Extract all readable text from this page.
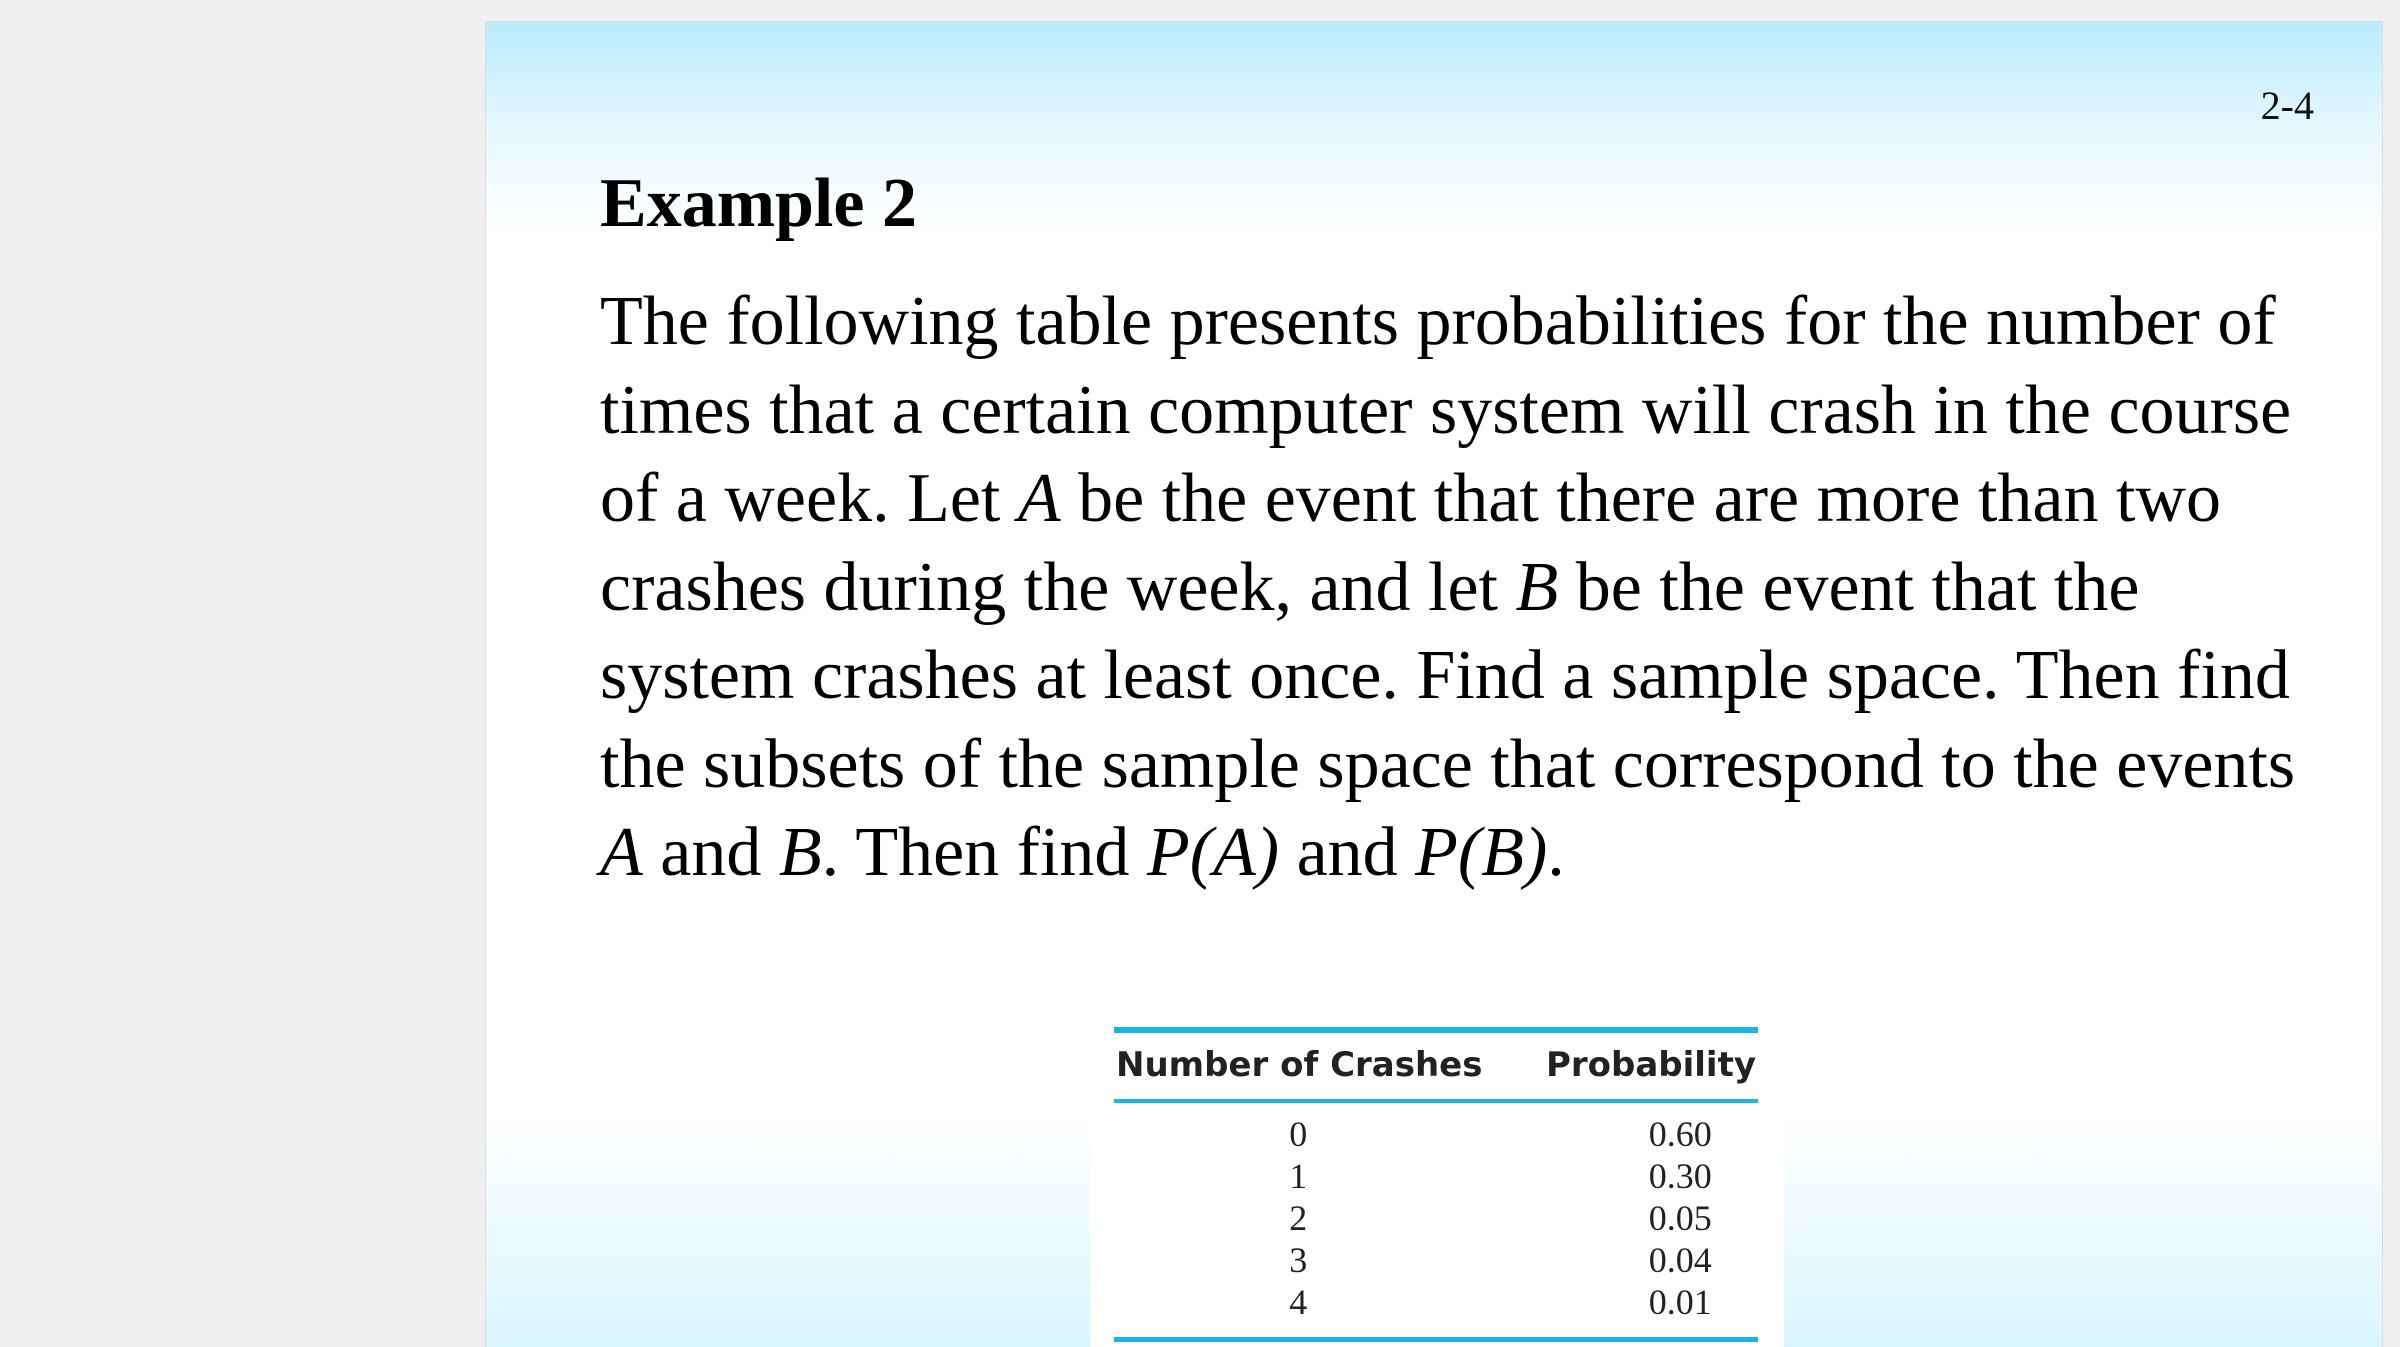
2-4
Example 2

The following table presents probabilities for the number of times that a certain computer system will crash in the course of a week. Let A be the event that there are more than two crashes during the week, and let B be the event that the system crashes at least once. Find a sample space. Then find the subsets of the sample space that correspond to the events A and B. Then find P(A) and P(B).

Number of Crashes	Probability
0	0.60
1	0.30
2	0.05
3	0.04
4	0.01
